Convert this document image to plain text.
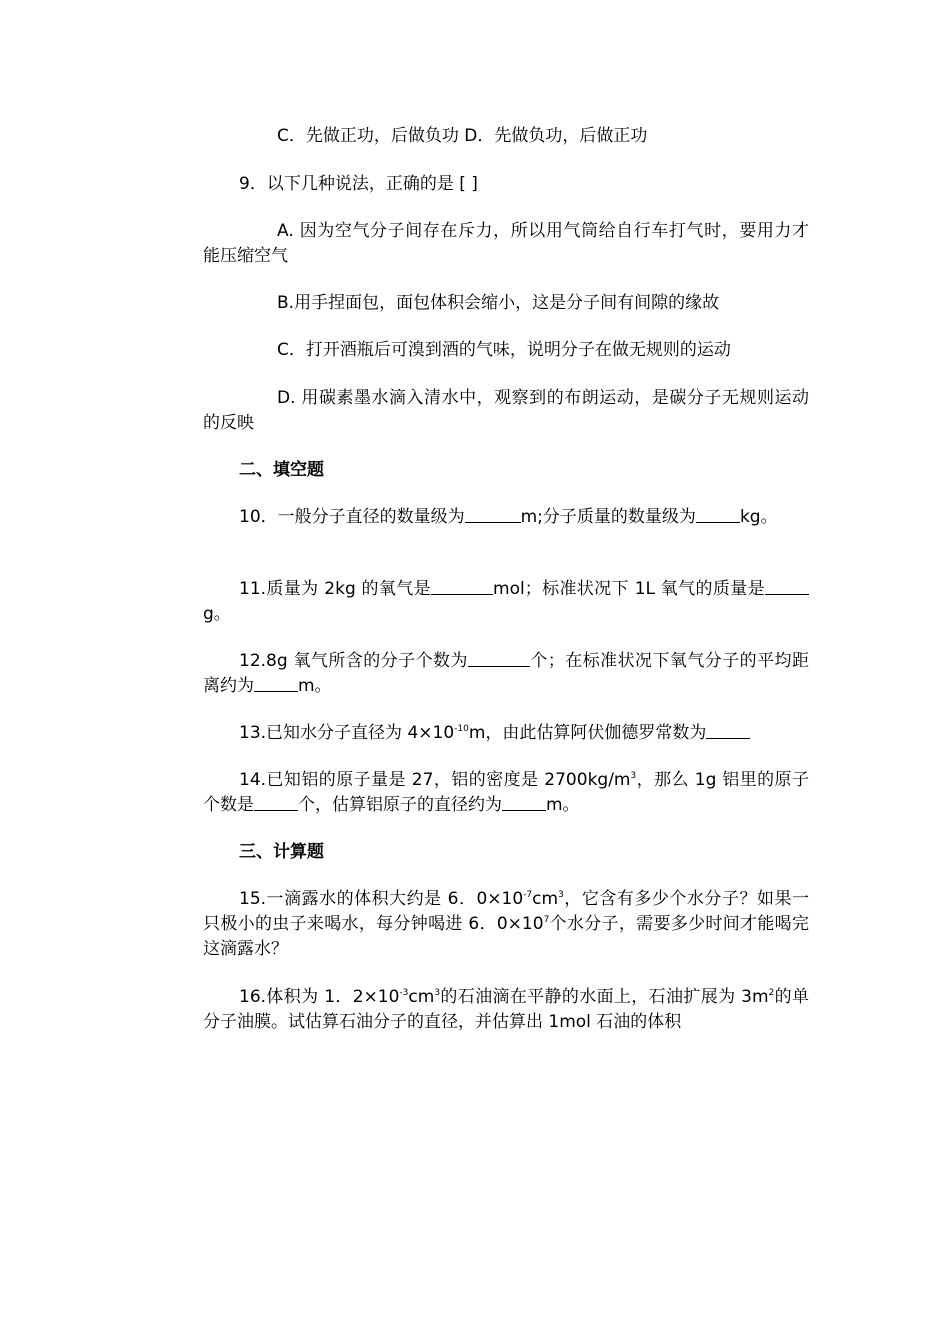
C．先做正功，后做负功 D．先做负功，后做正功

9．以下几种说法，正确的是 [ ]

A. 因为空气分子间存在斥力，所以用气筒给自行车打气时，要用力才能压缩空气

B.用手捏面包，面包体积会缩小，这是分子间有间隙的缘故

C．打开酒瓶后可溴到酒的气味，说明分子在做无规则的运动

D. 用碳素墨水滴入清水中，观察到的布朗运动，是碳分子无规则运动的反映

二、填空题

10．一般分子直径的数量级为	m;分子质量的数量级为	kg。

11.质量为 2kg 的氧气是	mol；标准状况下 1L 氧气的质量是g。

12.8g 氧气所含的分子个数为	个；在标准状况下氧气分子的平均距离约为	m。

13.已知水分子直径为 $4\times 10^{-10}m$，由此估算阿伏伽德罗常数为

14.已知铝的原子量是 27，铝的密度是 $2700kg/m^3$，那么 1g 铝里的原子个数是	个，估算铝原子的直径约为	m。

三、计算题

15.一滴露水的体积大约是 6．$0\times 10^{-7}cm^3$，它含有多少个水分子？如果一只极小的虫子来喝水，每分钟喝进 6．$0\times 10^7$个水分子，需要多少时间才能喝完这滴露水？

16.体积为 1．$2\times 10^{-3}cm^3$的石油滴在平静的水面上，石油扩展为 $3m^2$的单分子油膜。试估算石油分子的直径，并估算出 1mol 石油的体积
